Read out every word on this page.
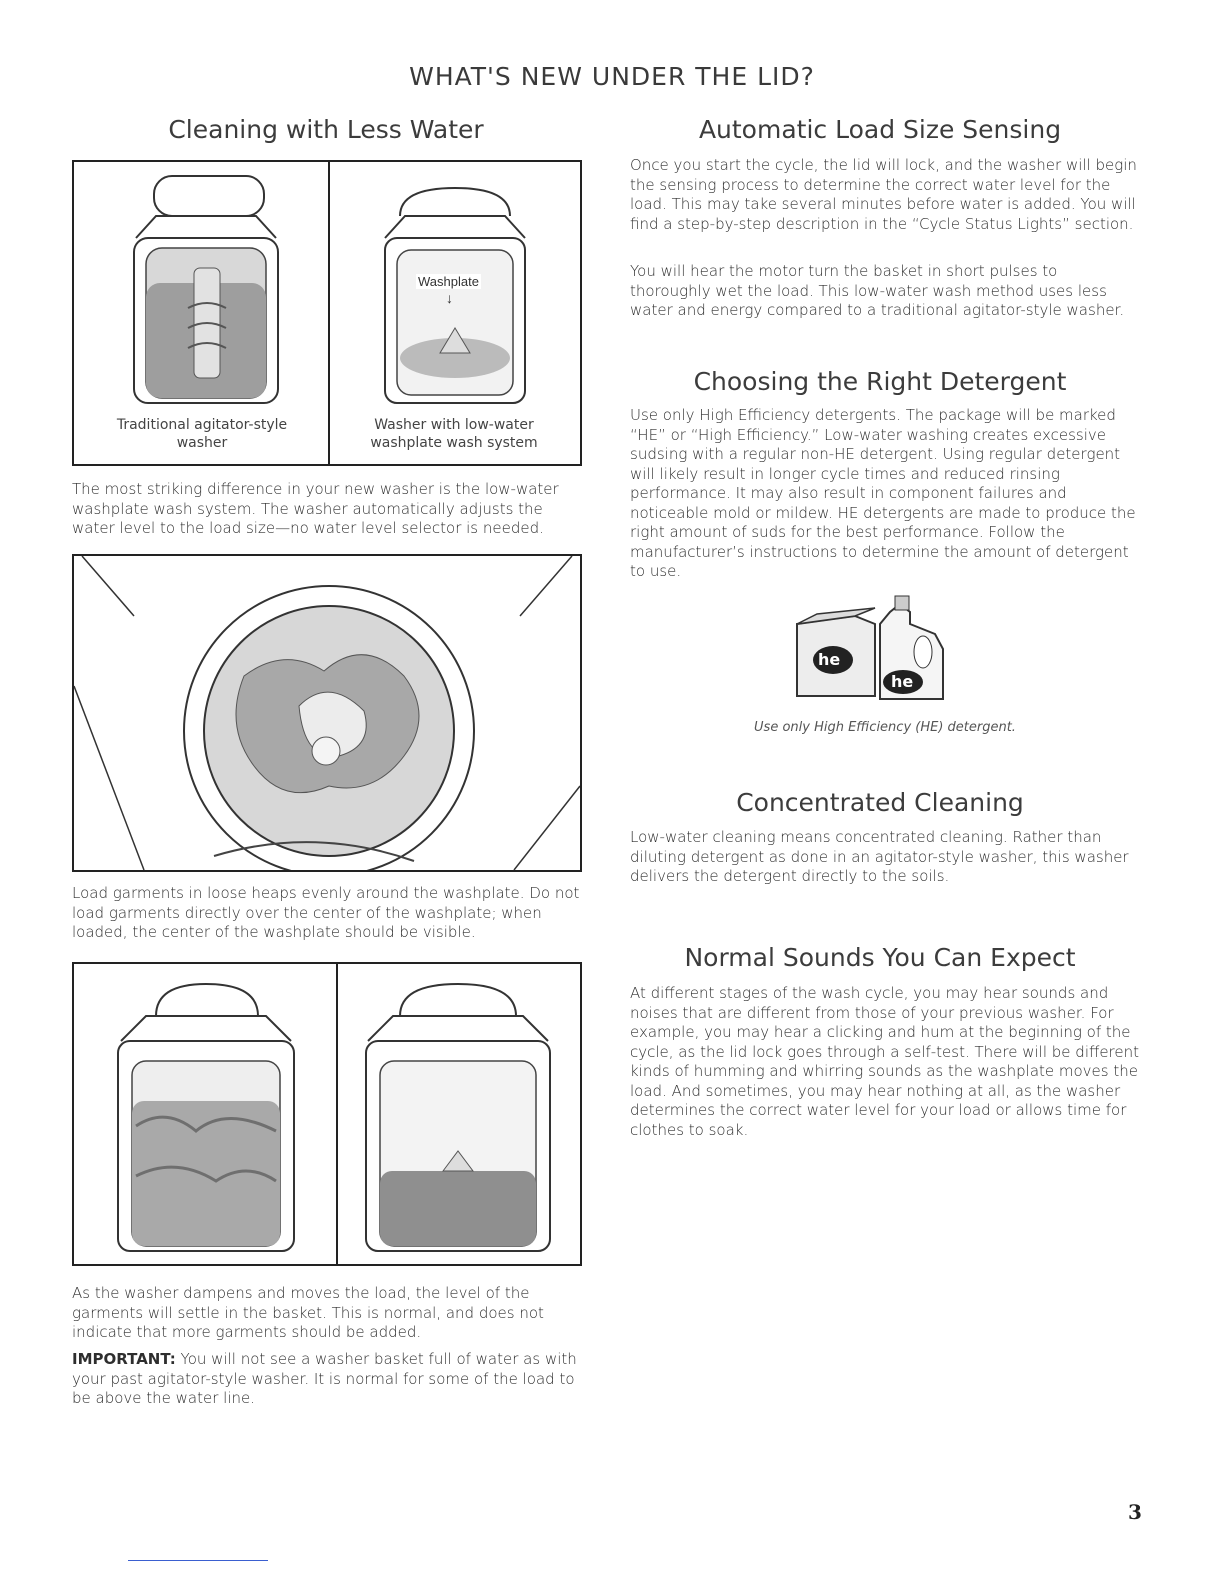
WHAT'S NEW UNDER THE LID?
Cleaning with Less Water
Washplate
↓
Traditional agitator-style washer
Washer with low-water washplate wash system

The most striking difference in your new washer is the low-water washplate wash system. The washer automatically adjusts the water level to the load size—no water level selector is needed.

Load garments in loose heaps evenly around the washplate. Do not load garments directly over the center of the washplate; when loaded, the center of the washplate should be visible.

As the washer dampens and moves the load, the level of the garments will settle in the basket. This is normal, and does not indicate that more garments should be added.

IMPORTANT: You will not see a washer basket full of water as with your past agitator-style washer. It is normal for some of the load to be above the water line.

Automatic Load Size Sensing

Once you start the cycle, the lid will lock, and the washer will begin the sensing process to determine the correct water level for the load. This may take several minutes before water is added. You will find a step-by-step description in the “Cycle Status Lights” section.

You will hear the motor turn the basket in short pulses to thoroughly wet the load. This low-water wash method uses less water and energy compared to a traditional agitator-style washer.

Choosing the Right Detergent

Use only High Efficiency detergents. The package will be marked “HE” or “High Efficiency.” Low-water washing creates excessive sudsing with a regular non-HE detergent. Using regular detergent will likely result in longer cycle times and reduced rinsing performance. It may also result in component failures and noticeable mold or mildew. HE detergents are made to produce the right amount of suds for the best performance. Follow the manufacturer’s instructions to determine the amount of detergent to use.

he
he
Use only High Efficiency (HE) detergent.
Concentrated Cleaning

Low-water cleaning means concentrated cleaning. Rather than diluting detergent as done in an agitator-style washer, this washer delivers the detergent directly to the soils.

Normal Sounds You Can Expect

At different stages of the wash cycle, you may hear sounds and noises that are different from those of your previous washer. For example, you may hear a clicking and hum at the beginning of the cycle, as the lid lock goes through a self-test. There will be different kinds of humming and whirring sounds as the washplate moves the load. And sometimes, you may hear nothing at all, as the washer determines the correct water level for your load or allows time for clothes to soak.

3
